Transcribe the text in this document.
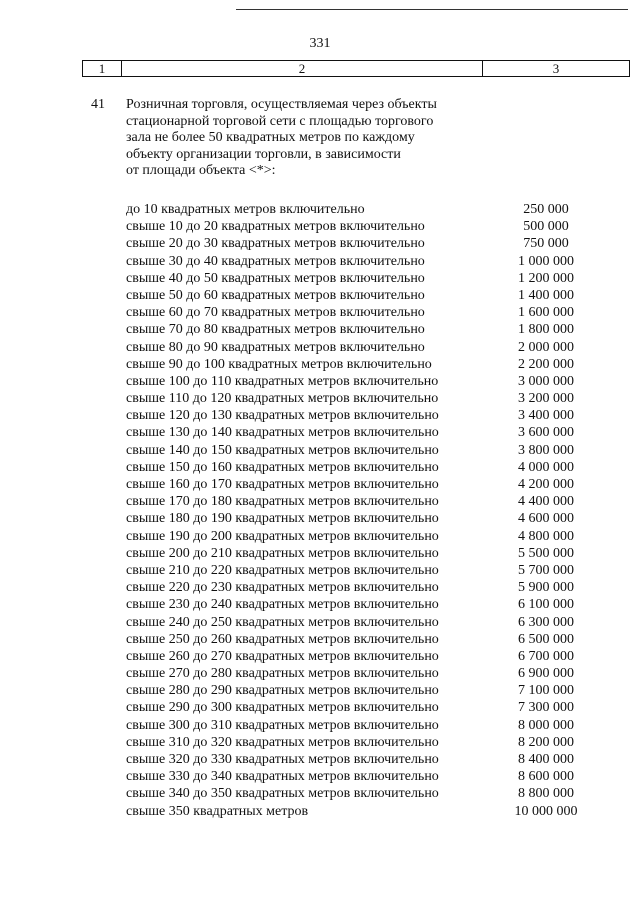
331
1	2	3
41 Розничная торговля, осуществляемая через объекты
стационарной торговой сети с площадью торгового
зала не более 50 квадратных метров по каждому
объекту организации торговли, в зависимости
от площади объекта <*>:
до 10 квадратных метров включительно	250 000
свыше 10 до 20 квадратных метров включительно	500 000
свыше 20 до 30 квадратных метров включительно	750 000
свыше 30 до 40 квадратных метров включительно	1 000 000
свыше 40 до 50 квадратных метров включительно	1 200 000
свыше 50 до 60 квадратных метров включительно	1 400 000
свыше 60 до 70 квадратных метров включительно	1 600 000
свыше 70 до 80 квадратных метров включительно	1 800 000
свыше 80 до 90 квадратных метров включительно	2 000 000
свыше 90 до 100 квадратных метров включительно	2 200 000
свыше 100 до 110 квадратных метров включительно	3 000 000
свыше 110 до 120 квадратных метров включительно	3 200 000
свыше 120 до 130 квадратных метров включительно	3 400 000
свыше 130 до 140 квадратных метров включительно	3 600 000
свыше 140 до 150 квадратных метров включительно	3 800 000
свыше 150 до 160 квадратных метров включительно	4 000 000
свыше 160 до 170 квадратных метров включительно	4 200 000
свыше 170 до 180 квадратных метров включительно	4 400 000
свыше 180 до 190 квадратных метров включительно	4 600 000
свыше 190 до 200 квадратных метров включительно	4 800 000
свыше 200 до 210 квадратных метров включительно	5 500 000
свыше 210 до 220 квадратных метров включительно	5 700 000
свыше 220 до 230 квадратных метров включительно	5 900 000
свыше 230 до 240 квадратных метров включительно	6 100 000
свыше 240 до 250 квадратных метров включительно	6 300 000
свыше 250 до 260 квадратных метров включительно	6 500 000
свыше 260 до 270 квадратных метров включительно	6 700 000
свыше 270 до 280 квадратных метров включительно	6 900 000
свыше 280 до 290 квадратных метров включительно	7 100 000
свыше 290 до 300 квадратных метров включительно	7 300 000
свыше 300 до 310 квадратных метров включительно	8 000 000
свыше 310 до 320 квадратных метров включительно	8 200 000
свыше 320 до 330 квадратных метров включительно	8 400 000
свыше 330 до 340 квадратных метров включительно	8 600 000
свыше 340 до 350 квадратных метров включительно	8 800 000
свыше 350 квадратных метров	10 000 000
